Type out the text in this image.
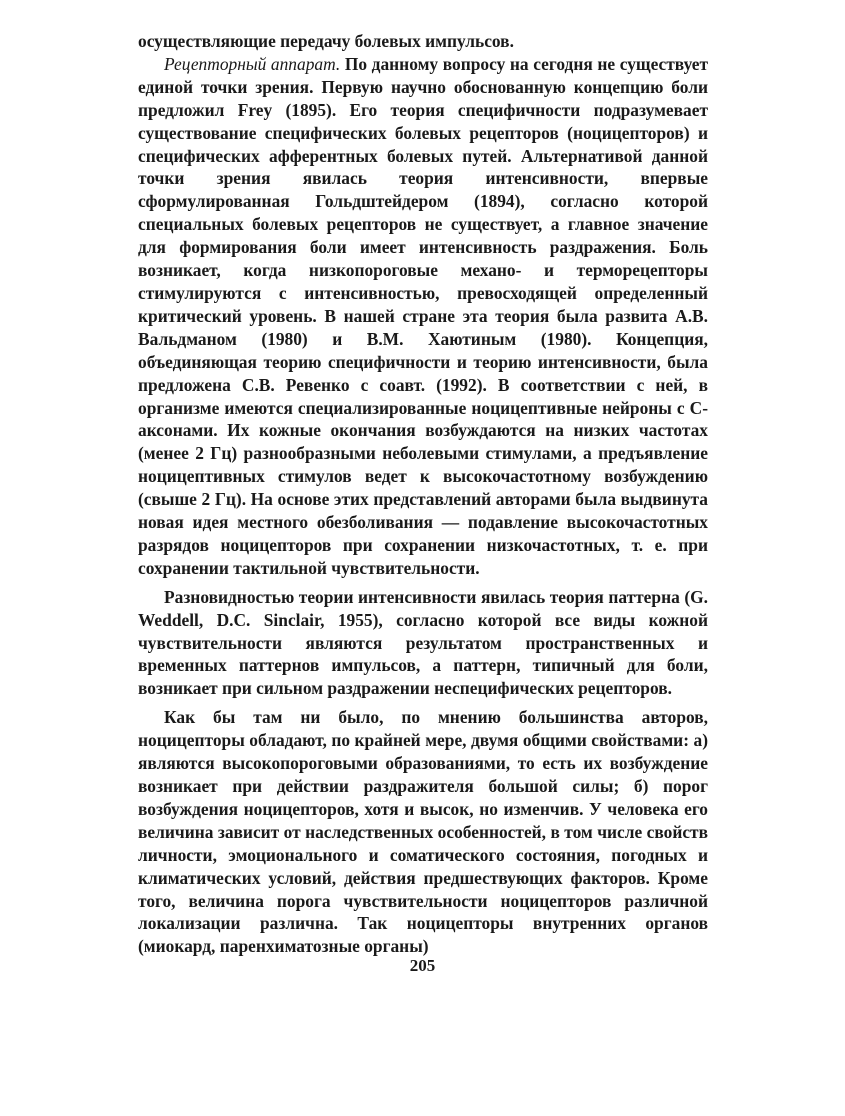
осуществляющие передачу болевых импульсов.

Рецепторный аппарат. По данному вопросу на сегодня не существует единой точки зрения. Первую научно обоснованную концепцию боли предложил Frey (1895). Его теория специфичности подразумевает существование специфических болевых рецепторов (ноцицепторов) и специфических афферентных болевых путей. Альтернативой данной точки зрения явилась теория интенсивности, впервые сформулированная Гольдштейдером (1894), согласно которой специальных болевых рецепторов не существует, а главное значение для формирования боли имеет интенсивность раздражения. Боль возникает, когда низкопороговые механо- и терморецепторы стимулируются с интенсивностью, превосходящей определенный критический уровень. В нашей стране эта теория была развита А.В. Вальдманом (1980) и В.М. Хаютиным (1980). Концепция, объединяющая теорию специфичности и теорию интенсивности, была предложена С.В. Ревенко с соавт. (1992). В соответствии с ней, в организме имеются специализированные ноцицептивные нейроны с С-аксонами. Их кожные окончания возбуждаются на низких частотах (менее 2 Гц) разнообразными неболевыми стимулами, а предъявление ноцицептивных стимулов ведет к высокочастотному возбуждению (свыше 2 Гц). На основе этих представлений авторами была выдвинута новая идея местного обезболивания — подавление высокочастотных разрядов ноцицепторов при сохранении низкочастотных, т. е. при сохранении тактильной чувствительности.

Разновидностью теории интенсивности явилась теория паттерна (G. Weddell, D.C. Sinclair, 1955), согласно которой все виды кожной чувствительности являются результатом пространственных и временных паттернов импульсов, а паттерн, типичный для боли, возникает при сильном раздражении неспецифических рецепторов.

Как бы там ни было, по мнению большинства авторов, ноцицепторы обладают, по крайней мере, двумя общими свойствами: а) являются высокопороговыми образованиями, то есть их возбуждение возникает при действии раздражителя большой силы; б) порог возбуждения ноцицепторов, хотя и высок, но изменчив. У человека его величина зависит от наследственных особенностей, в том числе свойств личности, эмоционального и соматического состояния, погодных и климатических условий, действия предшествующих факторов. Кроме того, величина порога чувствительности ноцицепторов различной локализации различна. Так ноцицепторы внутренних органов (миокард, паренхиматозные органы)

205
